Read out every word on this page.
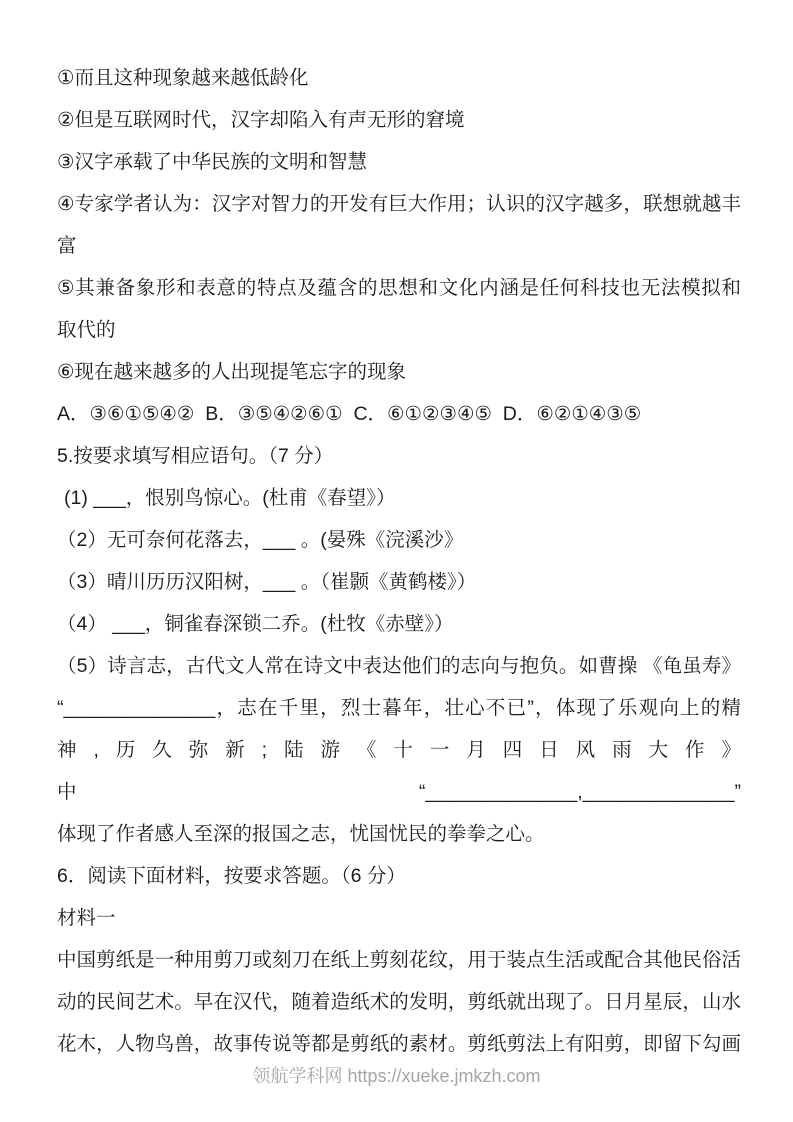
①而且这种现象越来越低龄化
②但是互联网时代，汉字却陷入有声无形的窘境
③汉字承载了中华民族的文明和智慧
④专家学者认为：汉字对智力的开发有巨大作用；认识的汉字越多，联想就越丰
富
⑤其兼备象形和表意的特点及蕴含的思想和文化内涵是任何科技也无法模拟和
取代的
⑥现在越来越多的人出现提笔忘字的现象
A．③⑥①⑤④②  B．③⑤④②⑥①  C．⑥①②③④⑤  D．⑥②①④③⑤
5.按要求填写相应语句。（7 分）
(1) ___，恨别鸟惊心。(杜甫《春望》）
（2）无可奈何花落去，___ 。(晏殊《浣溪沙》
（3）晴川历历汉阳树，___ 。（崔颢《黄鹤楼》）
（4） ___，铜雀春深锁二乔。(杜牧《赤壁》）
（5）诗言志，古代文人常在诗文中表达他们的志向与抱负。如曹操 《龟虽寿》
“______________，志在千里，烈士暮年，壮心不已”，体现了乐观向上的精
神,历久弥新;陆游《十一月四日风雨大作》中“______________,______________”
体现了作者感人至深的报国之志，忧国忧民的拳拳之心。
6．阅读下面材料，按要求答题。（6 分）
材料一
中国剪纸是一种用剪刀或刻刀在纸上剪刻花纹，用于装点生活或配合其他民俗活
动的民间艺术。早在汉代，随着造纸术的发明，剪纸就出现了。日月星辰，山水
花木，人物鸟兽，故事传说等都是剪纸的素材。剪纸剪法上有阳剪，即留下勾画
领航学科网 https://xueke.jmkzh.com
